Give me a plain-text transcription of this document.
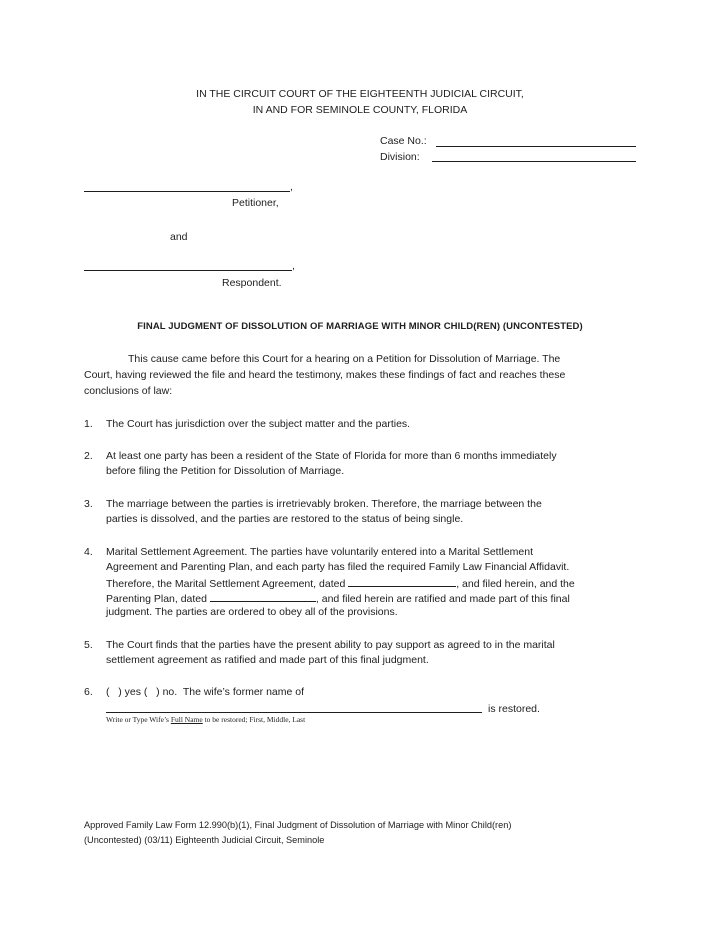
IN THE CIRCUIT COURT OF THE EIGHTEENTH JUDICIAL CIRCUIT,
IN AND FOR SEMINOLE COUNTY, FLORIDA
Case No.:
Division:
,
Petitioner,
and
,
Respondent.
FINAL JUDGMENT OF DISSOLUTION OF MARRIAGE WITH MINOR CHILD(REN) (UNCONTESTED)
This cause came before this Court for a hearing on a Petition for Dissolution of Marriage. The
Court, having reviewed the file and heard the testimony, makes these findings of fact and reaches these
conclusions of law:
1. The Court has jurisdiction over the subject matter and the parties.
2. At least one party has been a resident of the State of Florida for more than 6 months immediately
before filing the Petition for Dissolution of Marriage.
3. The marriage between the parties is irretrievably broken. Therefore, the marriage between the
parties is dissolved, and the parties are restored to the status of being single.
4. Marital Settlement Agreement. The parties have voluntarily entered into a Marital Settlement
Agreement and Parenting Plan, and each party has filed the required Family Law Financial Affidavit.
Therefore, the Marital Settlement Agreement, dated	, and filed herein, and the
Parenting Plan, dated	, and filed herein are ratified and made part of this final
judgment. The parties are ordered to obey all of the provisions.
5. The Court finds that the parties have the present ability to pay support as agreed to in the marital
settlement agreement as ratified and made part of this final judgment.
6. (   ) yes (   ) no.  The wife’s former name of
is restored.
Write or Type Wife’s Full Name to be restored; First, Middle, Last
Approved Family Law Form 12.990(b)(1), Final Judgment of Dissolution of Marriage with Minor Child(ren)
(Uncontested) (03/11) Eighteenth Judicial Circuit, Seminole
